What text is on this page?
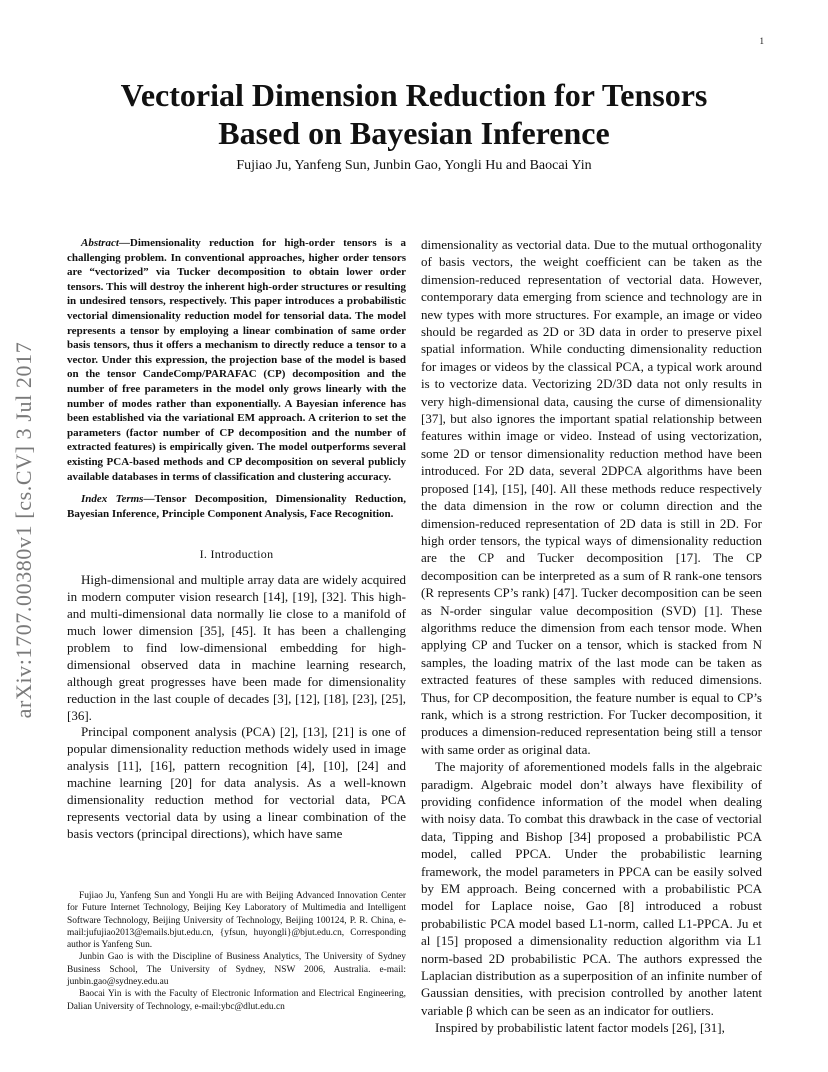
1
arXiv:1707.00380v1 [cs.CV] 3 Jul 2017
Vectorial Dimension Reduction for Tensors
Based on Bayesian Inference
Fujiao Ju, Yanfeng Sun, Junbin Gao, Yongli Hu and Baocai Yin

Abstract—Dimensionality reduction for high-order tensors is a challenging problem. In conventional approaches, higher order tensors are “vectorized” via Tucker decomposition to obtain lower order tensors. This will destroy the inherent high-order structures or resulting in undesired tensors, respectively. This paper introduces a probabilistic vectorial dimensionality reduction model for tensorial data. The model represents a tensor by employing a linear combination of same order basis tensors, thus it offers a mechanism to directly reduce a tensor to a vector. Under this expression, the projection base of the model is based on the tensor CandeComp/PARAFAC (CP) decomposition and the number of free parameters in the model only grows linearly with the number of modes rather than exponentially. A Bayesian inference has been established via the variational EM approach. A criterion to set the parameters (factor number of CP decomposition and the number of extracted features) is empirically given. The model outperforms several existing PCA-based methods and CP decomposition on several publicly available databases in terms of classification and clustering accuracy.

Index Terms—Tensor Decomposition, Dimensionality Reduction, Bayesian Inference, Principle Component Analysis, Face Recognition.

I. Introduction

High-dimensional and multiple array data are widely acquired in modern computer vision research [14], [19], [32]. This high- and multi-dimensional data normally lie close to a manifold of much lower dimension [35], [45]. It has been a challenging problem to find low-dimensional embedding for high-dimensional observed data in machine learning research, although great progresses have been made for dimensionality reduction in the last couple of decades [3], [12], [18], [23], [25], [36].

Principal component analysis (PCA) [2], [13], [21] is one of popular dimensionality reduction methods widely used in image analysis [11], [16], pattern recognition [4], [10], [24] and machine learning [20] for data analysis. As a well-known dimensionality reduction method for vectorial data, PCA represents vectorial data by using a linear combination of the basis vectors (principal directions), which have same

Fujiao Ju, Yanfeng Sun and Yongli Hu are with Beijing Advanced Innovation Center for Future Internet Technology, Beijing Key Laboratory of Multimedia and Intelligent Software Technology, Beijing University of Technology, Beijing 100124, P. R. China, e-mail:jufujiao2013@emails.bjut.edu.cn, {yfsun, huyongli}@bjut.edu.cn, Corresponding author is Yanfeng Sun.

Junbin Gao is with the Discipline of Business Analytics, The University of Sydney Business School, The University of Sydney, NSW 2006, Australia. e-mail: junbin.gao@sydney.edu.au

Baocai Yin is with the Faculty of Electronic Information and Electrical Engineering, Dalian University of Technology, e-mail:ybc@dlut.edu.cn

dimensionality as vectorial data. Due to the mutual orthogonality of basis vectors, the weight coefficient can be taken as the dimension-reduced representation of vectorial data. However, contemporary data emerging from science and technology are in new types with more structures. For example, an image or video should be regarded as 2D or 3D data in order to preserve pixel spatial information. While conducting dimensionality reduction for images or videos by the classical PCA, a typical work around is to vectorize data. Vectorizing 2D/3D data not only results in very high-dimensional data, causing the curse of dimensionality [37], but also ignores the important spatial relationship between features within image or video. Instead of using vectorization, some 2D or tensor dimensionality reduction method have been introduced. For 2D data, several 2DPCA algorithms have been proposed [14], [15], [40]. All these methods reduce respectively the data dimension in the row or column direction and the dimension-reduced representation of 2D data is still in 2D. For high order tensors, the typical ways of dimensionality reduction are the CP and Tucker decomposition [17]. The CP decomposition can be interpreted as a sum of R rank-one tensors (R represents CP’s rank) [47]. Tucker decomposition can be seen as N-order singular value decomposition (SVD) [1]. These algorithms reduce the dimension from each tensor mode. When applying CP and Tucker on a tensor, which is stacked from N samples, the loading matrix of the last mode can be taken as extracted features of these samples with reduced dimensions. Thus, for CP decomposition, the feature number is equal to CP’s rank, which is a strong restriction. For Tucker decomposition, it produces a dimension-reduced representation being still a tensor with same order as original data.

The majority of aforementioned models falls in the algebraic paradigm. Algebraic model don’t always have flexibility of providing confidence information of the model when dealing with noisy data. To combat this drawback in the case of vectorial data, Tipping and Bishop [34] proposed a probabilistic PCA model, called PPCA. Under the probabilistic learning framework, the model parameters in PPCA can be easily solved by EM approach. Being concerned with a probabilistic PCA model for Laplace noise, Gao [8] introduced a robust probabilistic PCA model based L1-norm, called L1-PPCA. Ju et al [15] proposed a dimensionality reduction algorithm via L1 norm-based 2D probabilistic PCA. The authors expressed the Laplacian distribution as a superposition of an infinite number of Gaussian densities, with precision controlled by another latent variable β which can be seen as an indicator for outliers.

Inspired by probabilistic latent factor models [26], [31],
